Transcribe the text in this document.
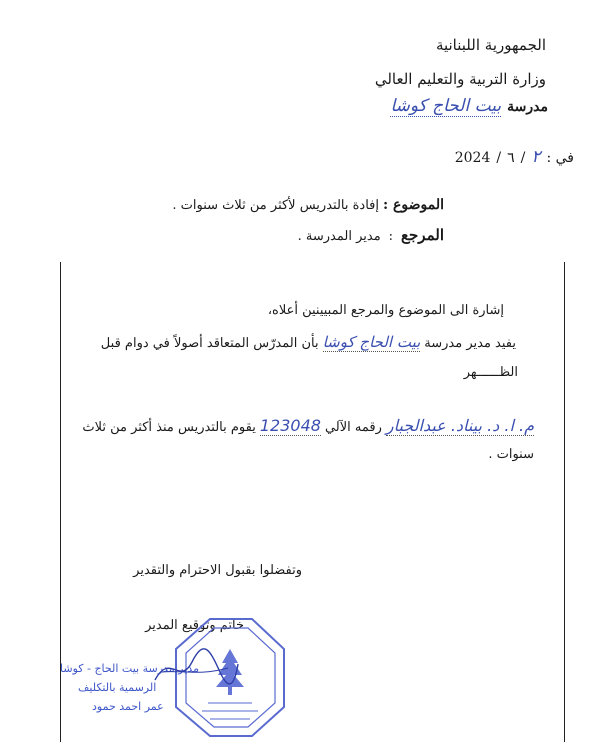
الجمهورية اللبنانية
وزارة التربية والتعليم العالي
مدرسة
بيت الحاج كوشا
2024 / ٦ / ٢ في :
الموضوع :
إفادة بالتدريس لأكثر من ثلاث سنوات .
المرجع
:
مدير المدرسة .
إشارة الى الموضوع والمرجع المبيينين أعلاه،
يفيد مدير مدرسة
بيت الحاج كوشا
بأن المدرّس المتعاقد أصولاً في دوام قبل
الظــــــهر
م. ا. د. بيناد. عبدالجبار
رقمه الآلي
123048
يقوم بالتدريس منذ أكثر من ثلاث
سنوات .
وتفضلوا بقبول الاحترام والتقدير
خاتم وتوقيع المدير
مدير مدرسة بيت الحاج - كوشا
الرسمية بالتكليف
عمر احمد حمود
